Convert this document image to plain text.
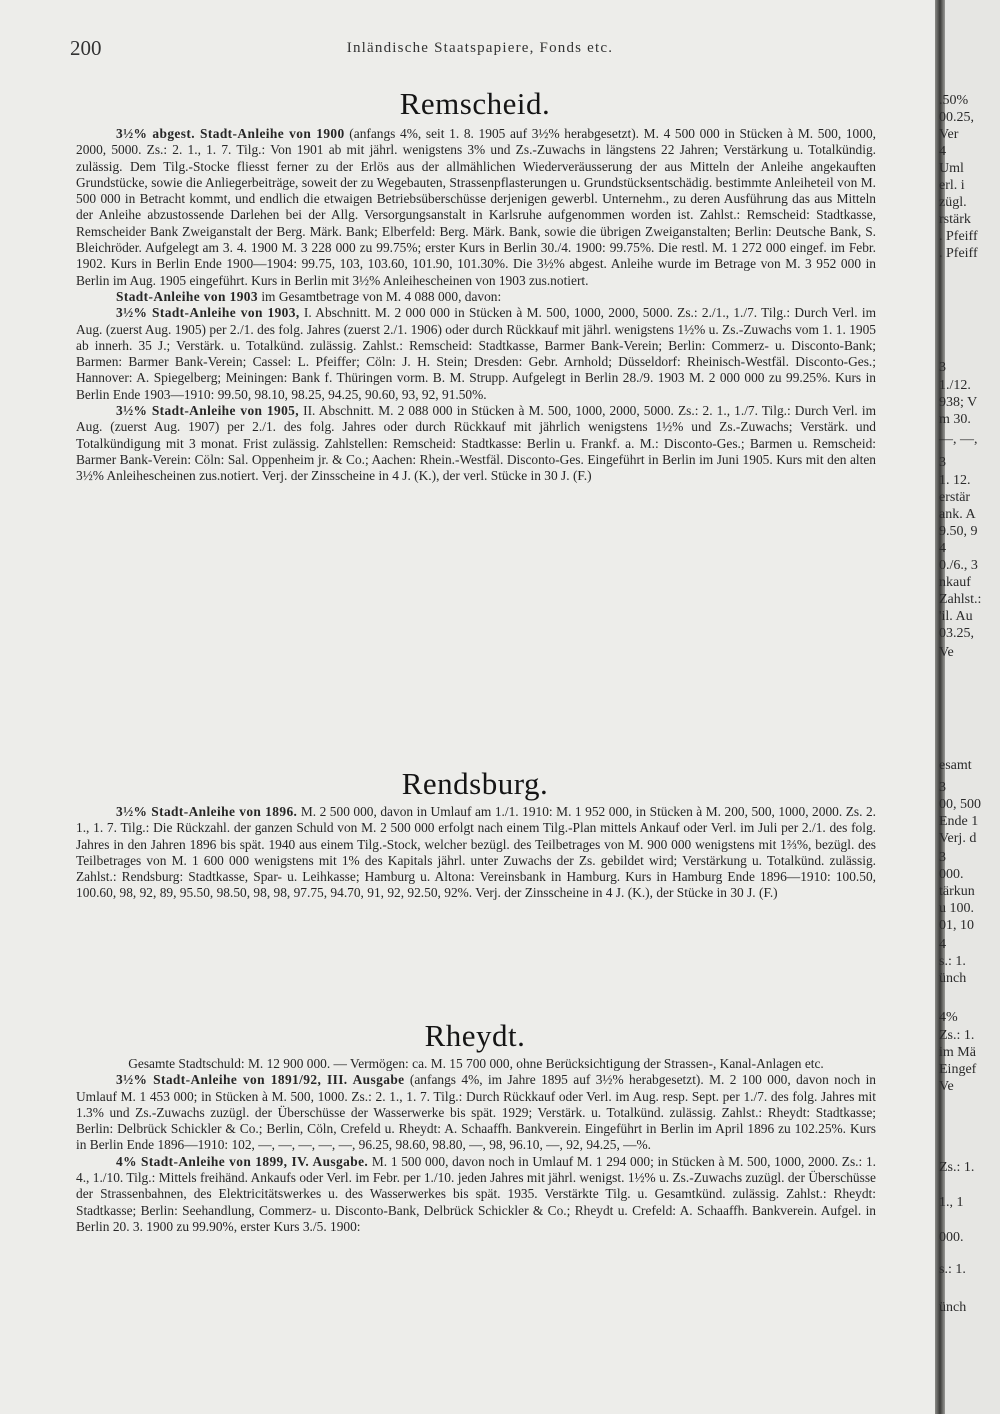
200	Inländische Staatspapiere, Fonds etc.
Remscheid.

3½% abgest. Stadt-Anleihe von 1900 (anfangs 4%, seit 1. 8. 1905 auf 3½% herabgesetzt). M. 4 500 000 in Stücken à M. 500, 1000, 2000, 5000. Zs.: 2. 1., 1. 7. Tilg.: Von 1901 ab mit jährl. wenigstens 3% und Zs.-Zuwachs in längstens 22 Jahren; Verstärkung u. Totalkündig. zulässig. Dem Tilg.-Stocke fliesst ferner zu der Erlös aus der allmählichen Wiederveräusserung der aus Mitteln der Anleihe angekauften Grundstücke, sowie die Anliegerbeiträge, soweit der zu Wegebauten, Strassenpflasterungen u. Grundstücksentschädig. bestimmte Anleiheteil von M. 500 000 in Betracht kommt, und endlich die etwaigen Betriebsüberschüsse derjenigen gewerbl. Unternehm., zu deren Ausführung das aus Mitteln der Anleihe abzustossende Darlehen bei der Allg. Versorgungsanstalt in Karlsruhe aufgenommen worden ist. Zahlst.: Remscheid: Stadtkasse, Remscheider Bank Zweiganstalt der Berg. Märk. Bank; Elberfeld: Berg. Märk. Bank, sowie die übrigen Zweiganstalten; Berlin: Deutsche Bank, S. Bleichröder. Aufgelegt am 3. 4. 1900 M. 3 228 000 zu 99.75%; erster Kurs in Berlin 30./4. 1900: 99.75%. Die restl. M. 1 272 000 eingef. im Febr. 1902. Kurs in Berlin Ende 1900—1904: 99.75, 103, 103.60, 101.90, 101.30%. Die 3½% abgest. Anleihe wurde im Betrage von M. 3 952 000 in Berlin im Aug. 1905 eingeführt. Kurs in Berlin mit 3½% Anleihescheinen von 1903 zus.notiert.

Stadt-Anleihe von 1903 im Gesamtbetrage von M. 4 088 000, davon:

3½% Stadt-Anleihe von 1903, I. Abschnitt. M. 2 000 000 in Stücken à M. 500, 1000, 2000, 5000. Zs.: 2./1., 1./7. Tilg.: Durch Verl. im Aug. (zuerst Aug. 1905) per 2./1. des folg. Jahres (zuerst 2./1. 1906) oder durch Rückkauf mit jährl. wenigstens 1½% u. Zs.-Zuwachs vom 1. 1. 1905 ab innerh. 35 J.; Verstärk. u. Totalkünd. zulässig. Zahlst.: Remscheid: Stadtkasse, Barmer Bank-Verein; Berlin: Commerz- u. Disconto-Bank; Barmen: Barmer Bank-Verein; Cassel: L. Pfeiffer; Cöln: J. H. Stein; Dresden: Gebr. Arnhold; Düsseldorf: Rheinisch-Westfäl. Disconto-Ges.; Hannover: A. Spiegelberg; Meiningen: Bank f. Thüringen vorm. B. M. Strupp. Aufgelegt in Berlin 28./9. 1903 M. 2 000 000 zu 99.25%. Kurs in Berlin Ende 1903—1910: 99.50, 98.10, 98.25, 94.25, 90.60, 93, 92, 91.50%.

3½% Stadt-Anleihe von 1905, II. Abschnitt. M. 2 088 000 in Stücken à M. 500, 1000, 2000, 5000. Zs.: 2. 1., 1./7. Tilg.: Durch Verl. im Aug. (zuerst Aug. 1907) per 2./1. des folg. Jahres oder durch Rückkauf mit jährlich wenigstens 1½% und Zs.-Zuwachs; Verstärk. und Totalkündigung mit 3 monat. Frist zulässig. Zahlstellen: Remscheid: Stadtkasse: Berlin u. Frankf. a. M.: Disconto-Ges.; Barmen u. Remscheid: Barmer Bank-Verein: Cöln: Sal. Oppenheim jr. & Co.; Aachen: Rhein.-Westfäl. Disconto-Ges. Eingeführt in Berlin im Juni 1905. Kurs mit den alten 3½% Anleihescheinen zus.notiert. Verj. der Zinsscheine in 4 J. (K.), der verl. Stücke in 30 J. (F.)

Rendsburg.

3½% Stadt-Anleihe von 1896. M. 2 500 000, davon in Umlauf am 1./1. 1910: M. 1 952 000, in Stücken à M. 200, 500, 1000, 2000. Zs. 2. 1., 1. 7. Tilg.: Die Rückzahl. der ganzen Schuld von M. 2 500 000 erfolgt nach einem Tilg.-Plan mittels Ankauf oder Verl. im Juli per 2./1. des folg. Jahres in den Jahren 1896 bis spät. 1940 aus einem Tilg.-Stock, welcher bezügl. des Teilbetrages von M. 900 000 wenigstens mit 1⅔%, bezügl. des Teilbetrages von M. 1 600 000 wenigstens mit 1% des Kapitals jährl. unter Zuwachs der Zs. gebildet wird; Verstärkung u. Totalkünd. zulässig. Zahlst.: Rendsburg: Stadtkasse, Spar- u. Leihkasse; Hamburg u. Altona: Vereinsbank in Hamburg. Kurs in Hamburg Ende 1896—1910: 100.50, 100.60, 98, 92, 89, 95.50, 98.50, 98, 98, 97.75, 94.70, 91, 92, 92.50, 92%. Verj. der Zinsscheine in 4 J. (K.), der Stücke in 30 J. (F.)

Rheydt.

Gesamte Stadtschuld: M. 12 900 000. — Vermögen: ca. M. 15 700 000, ohne Berücksichtigung der Strassen-, Kanal-Anlagen etc.

3½% Stadt-Anleihe von 1891/92, III. Ausgabe (anfangs 4%, im Jahre 1895 auf 3½% herabgesetzt). M. 2 100 000, davon noch in Umlauf M. 1 453 000; in Stücken à M. 500, 1000. Zs.: 2. 1., 1. 7. Tilg.: Durch Rückkauf oder Verl. im Aug. resp. Sept. per 1./7. des folg. Jahres mit 1.3% und Zs.-Zuwachs zuzügl. der Überschüsse der Wasserwerke bis spät. 1929; Verstärk. u. Totalkünd. zulässig. Zahlst.: Rheydt: Stadtkasse; Berlin: Delbrück Schickler & Co.; Berlin, Cöln, Crefeld u. Rheydt: A. Schaaffh. Bankverein. Eingeführt in Berlin im April 1896 zu 102.25%. Kurs in Berlin Ende 1896—1910: 102, —, —, —, —, —, 96.25, 98.60, 98.80, —, 98, 96.10, —, 92, 94.25, —%.

4% Stadt-Anleihe von 1899, IV. Ausgabe. M. 1 500 000, davon noch in Umlauf M. 1 294 000; in Stücken à M. 500, 1000, 2000. Zs.: 1. 4., 1./10. Tilg.: Mittels freihänd. Ankaufs oder Verl. im Febr. per 1./10. jeden Jahres mit jährl. wenigst. 1½% u. Zs.-Zuwachs zuzügl. der Überschüsse der Strassenbahnen, des Elektricitätswerkes u. des Wasserwerkes bis spät. 1935. Verstärkte Tilg. u. Gesamtkünd. zulässig. Zahlst.: Rheydt: Stadtkasse; Berlin: Seehandlung, Commerz- u. Disconto-Bank, Delbrück Schickler & Co.; Rheydt u. Crefeld: A. Schaaffh. Bankverein. Aufgel. in Berlin 20. 3. 1900 zu 99.90%, erster Kurs 3./5. 1900:

.50%
00.25,
Ver
4
Uml
erl. i
zügl.
rstärk
. Pfeiff
. Pfeiff
3
1./12.
938; V
m 30.
—, —,
3
1. 12.
erstär
ank. A
9.50, 9
4
0./6., 3
nkauf
Zahlst.:
'il. Au
03.25,
Ve
esamt
3
00, 500
Ende 1
Verj. d
3
000.
tärkun
u 100.
01, 10
4
s.: 1.
ünch
4%
Zs.: 1.
im Mä
Eingef
Ve
Zs.: 1.
1., 1
000.
s.: 1.
ünch
